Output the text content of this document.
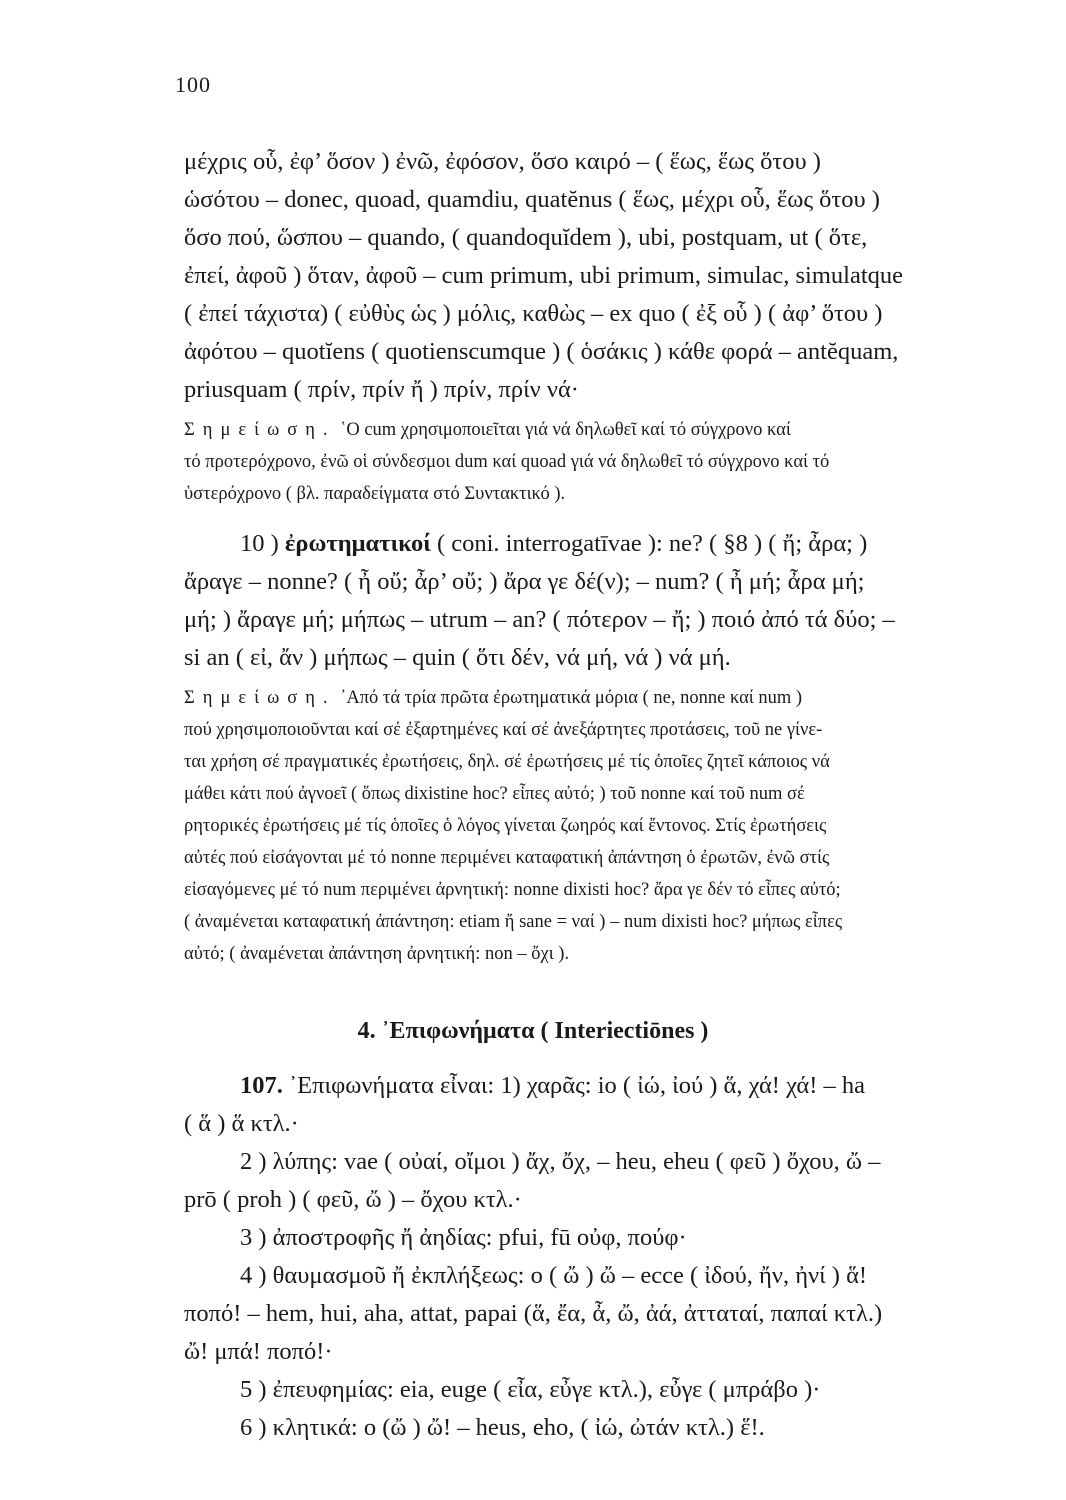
100
μέχρις οὗ, ἐφ’ ὅσον ) ἐνῶ, ἐφόσον, ὅσο καιρό – ( ἕως, ἕως ὅτου )
ὡσότου – donec, quoad, quamdiu, quatĕnus ( ἕως, μέχρι οὗ, ἕως ὅτου )
ὅσο πού, ὥσπου – quando, ( quandoquĭdem ), ubi, postquam, ut ( ὅτε,
ἐπεί, ἀφοῦ ) ὅταν, ἀφοῦ – cum primum, ubi primum, simulac, simulatque
( ἐπεί τάχιστα) ( εὐθὺς ὡς ) μόλις, καθὼς – ex quo ( ἐξ οὗ ) ( ἀφ’ ὅτου )
ἀφότου – quotĭens ( quotienscumque ) ( ὁσάκις ) κάθε φορά – antĕquam,
priusquam ( πρίν, πρίν ἤ ) πρίν, πρίν νά·
Σημείωση. ῾Ο cum χρησιμοποιεῖται γιά νά δηλωθεῖ καί τό σύγχρονο καί
τό προτερόχρονο, ἐνῶ οἱ σύνδεσμοι dum καί quoad γιά νά δηλωθεῖ τό σύγχρονο καί τό
ὑστερόχρονο ( βλ. παραδείγματα στό Συντακτικό ).
10 ) ἐρωτηματικοί ( coni. interrogatīvae ): ne? ( §8 ) ( ἤ; ἆρα; )
ἄραγε – nonne? ( ἦ οὔ; ἆρ’ οὔ; ) ἄρα γε δέ(ν); – num? ( ἦ μή; ἆρα μή;
μή; ) ἄραγε μή; μήπως – utrum – an? ( πότερον – ἤ; ) ποιό ἀπό τά δύο; –
si an ( εἰ, ἄν ) μήπως – quin ( ὅτι δέν, νά μή, νά ) νά μή.
Σημείωση. ᾿Από τά τρία πρῶτα ἐρωτηματικά μόρια ( ne, nonne καί num )
πού χρησιμοποιοῦνται καί σέ ἐξαρτημένες καί σέ ἀνεξάρτητες προτάσεις, τοῦ ne γίνε-
ται χρήση σέ πραγματικές ἐρωτήσεις, δηλ. σέ ἐρωτήσεις μέ τίς ὁποῖες ζητεῖ κάποιος νά
μάθει κάτι πού ἀγνοεῖ ( ὅπως dixistine hoc? εἶπες αὐτό; ) τοῦ nonne καί τοῦ num σέ
ρητορικές ἐρωτήσεις μέ τίς ὁποῖες ὁ λόγος γίνεται ζωηρός καί ἔντονος. Στίς ἐρωτήσεις
αὐτές πού εἰσάγονται μέ τό nonne περιμένει καταφατική ἀπάντηση ὁ ἐρωτῶν, ἐνῶ στίς
εἰσαγόμενες μέ τό num περιμένει ἀρνητική: nonne dixisti hoc? ἄρα γε δέν τό εἶπες αὐτό;
( ἀναμένεται καταφατική ἀπάντηση: etiam ἤ sane = ναί ) – num dixisti hoc? μήπως εἶπες
αὐτό; ( ἀναμένεται ἀπάντηση ἀρνητική: non – ὄχι ).
4. ᾿Επιφωνήματα ( Interiectiōnes )
107. ᾿Επιφωνήματα εἶναι: 1) χαρᾶς: io ( ἰώ, ἰού ) ἅ, χά! χά! – ha
( ἅ ) ἅ κτλ.·
2 ) λύπης: vae ( οὐαί, οἴμοι ) ἄχ, ὄχ, – heu, eheu ( φεῦ ) ὄχου, ὤ –
prō ( proh ) ( φεῦ, ὤ ) – ὄχου κτλ.·
3 ) ἀποστροφῆς ἤ ἀηδίας: pfui, fū οὐφ, πούφ·
4 ) θαυμασμοῦ ἤ ἐκπλήξεως: o ( ὤ ) ὤ – ecce ( ἰδού, ἤν, ἠνί ) ἅ!
ποπό! – hem, hui, aha, attat, papai (ἅ, ἔα, ἆ, ὤ, ἀά, ἀτταταί, παπαί κτλ.)
ὤ! μπά! ποπό!·
5 ) ἐπευφημίας: eia, euge ( εἶα, εὖγε κτλ.), εὖγε ( μπράβο )·
6 ) κλητικά: o (ὤ ) ὤ! – heus, eho, ( ἰώ, ὠτάν κτλ.) ἕ!.
